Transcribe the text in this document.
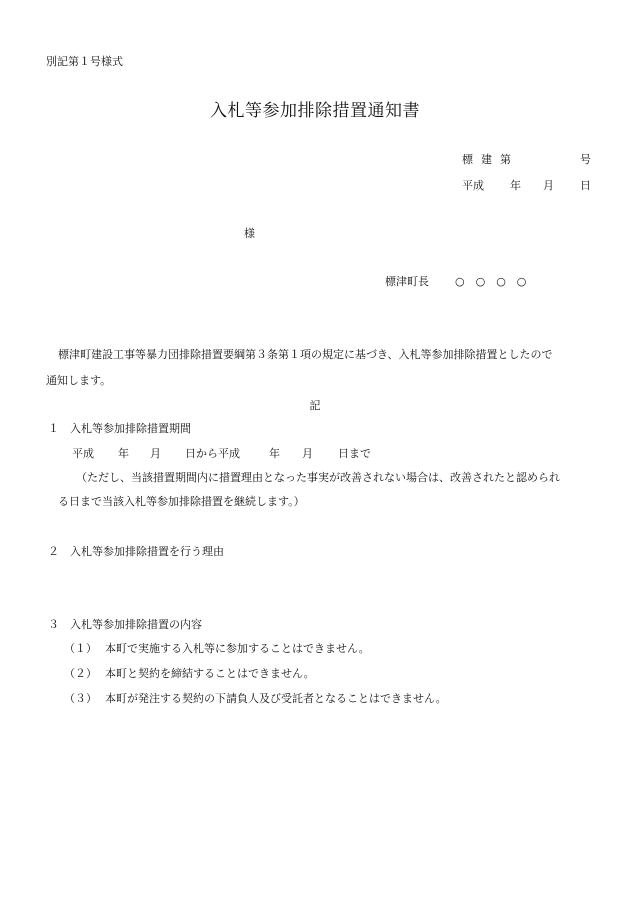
別記第１号様式
入札等参加排除措置通知書
標 建 第	号
平成 年 月 日
様
標津町長 ○　○　○　○
標津町建設工事等暴力団排除措置要綱第３条第１項の規定に基づき、入札等参加排除措置としたので
通知します。
記
１　入札等参加排除措置期間
平成 年 月 日から平成	年 月 日まで
（ただし、当該措置期間内に措置理由となった事実が改善されない場合は、改善されたと認められ
る日まで当該入札等参加排除措置を継続します。）
２　入札等参加排除措置を行う理由
３　入札等参加排除措置の内容
（１） 本町で実施する入札等に参加することはできません。
（２） 本町と契約を締結することはできません。
（３） 本町が発注する契約の下請負人及び受託者となることはできません。
